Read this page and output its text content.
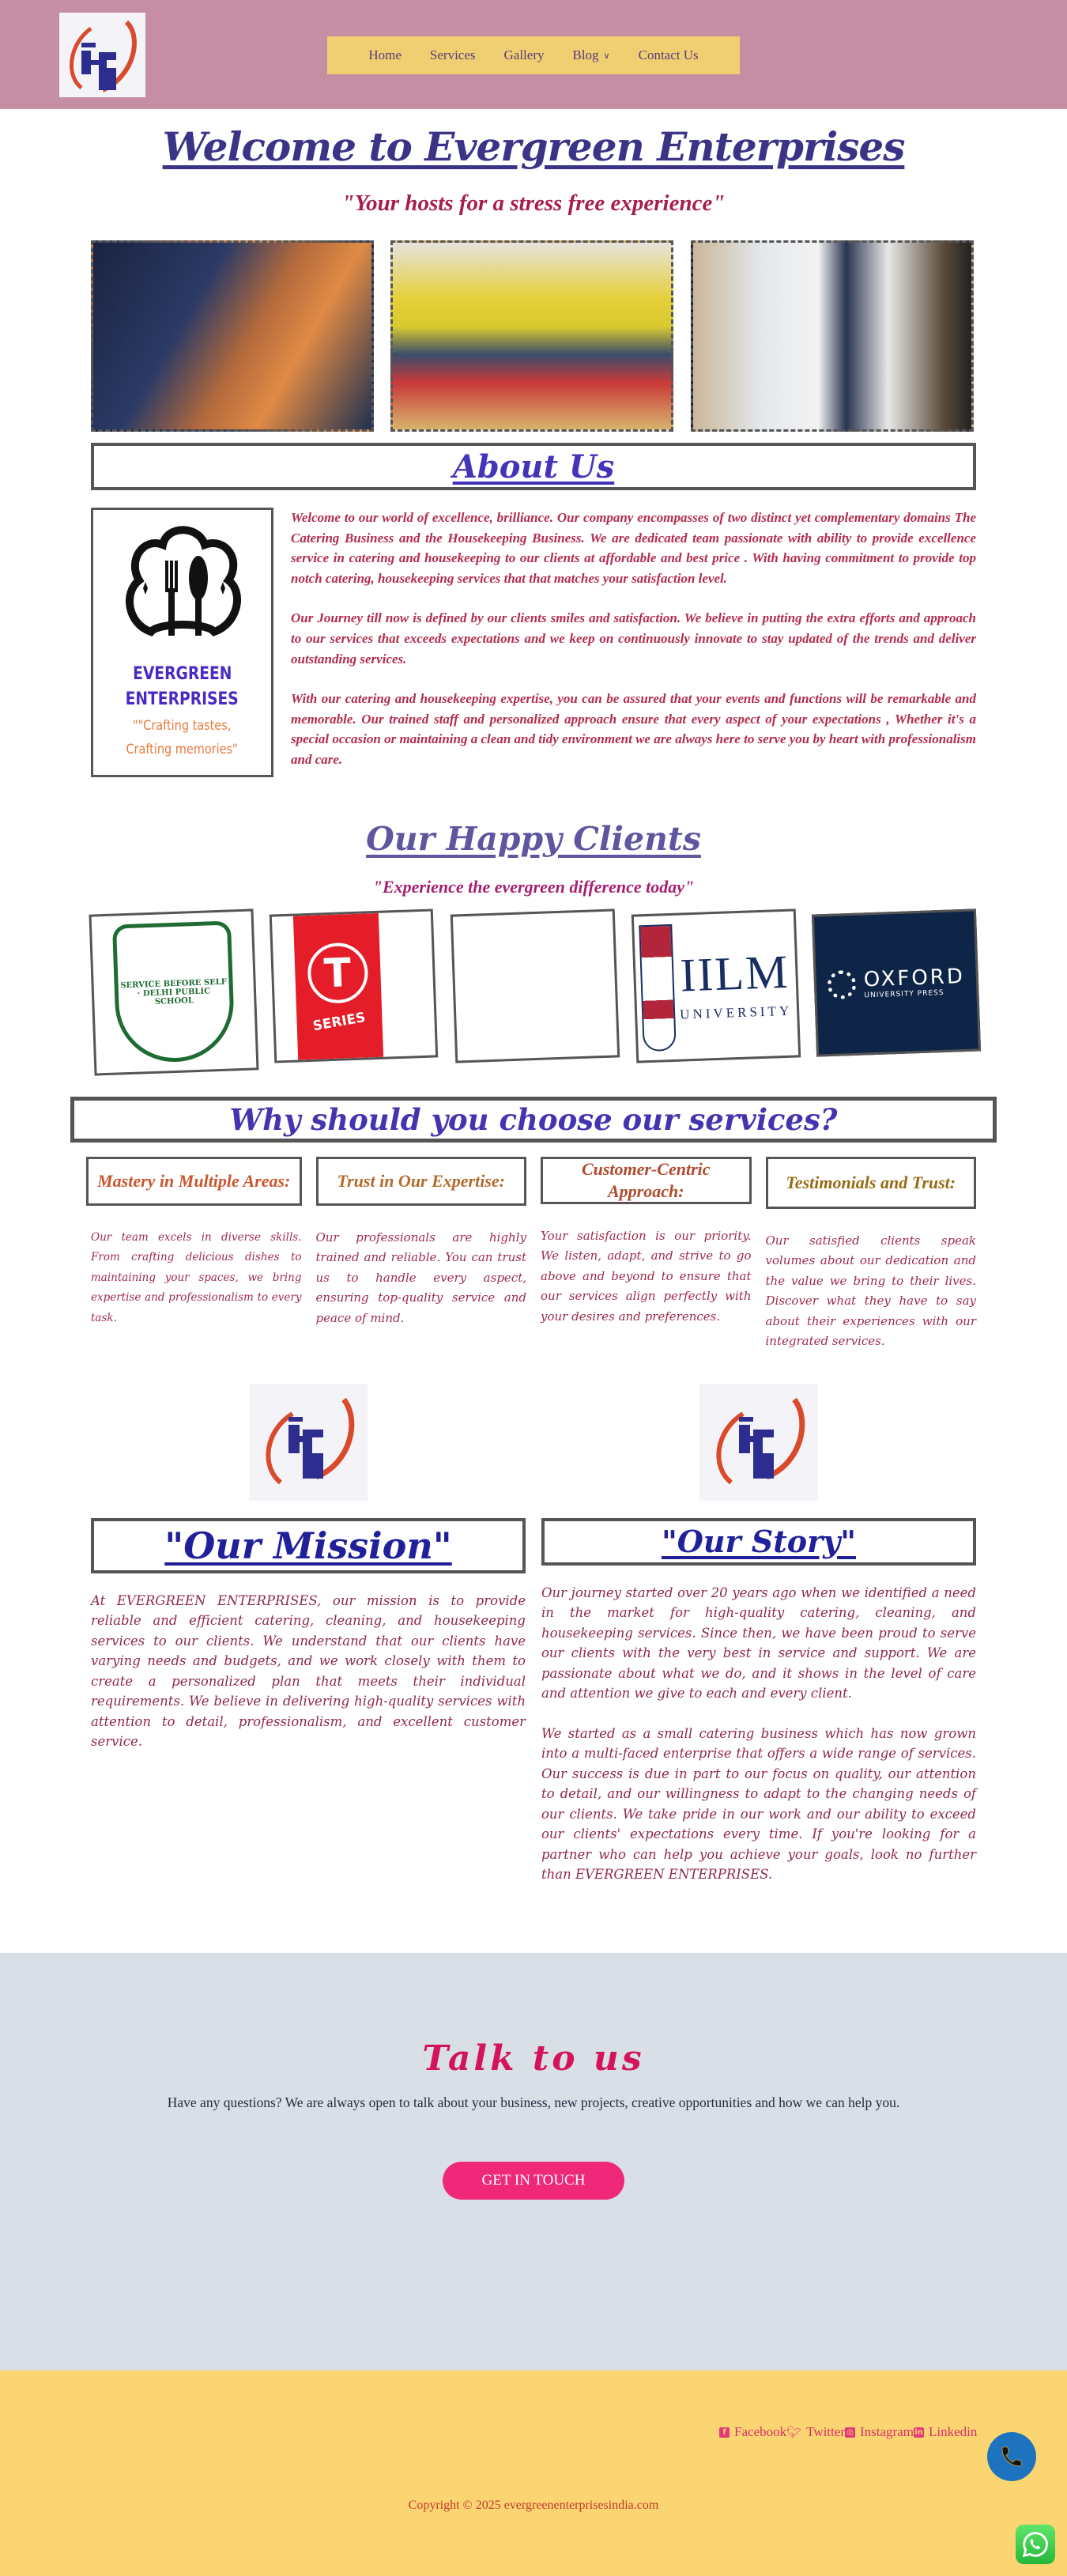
Home Services Gallery Blog ∨ Contact Us
Welcome to Evergreen Enterprises
"Your hosts for a stress free experience"
About Us
EVERGREEN
ENTERPRISES
""Crafting tastes,
Crafting memories"

Welcome to our world of excellence, brilliance. Our company encompasses of two distinct yet complementary domains The Catering Business and the Housekeeping Business. We are dedicated team passionate with ability to provide excellence service in catering and housekeeping to our clients at affordable and best price . With having commitment to provide top notch catering, housekeeping services that that matches your satisfaction level.

Our Journey till now is defined by our clients smiles and satisfaction. We believe in putting the extra efforts and approach to our services that exceeds expectations and we keep on continuously innovate to stay updated of the trends and deliver outstanding services.

With our catering and housekeeping expertise, you can be assured that your events and functions will be remarkable and memorable. Our trained staff and personalized approach ensure that every aspect of your expectations , Whether it's a special occasion or maintaining a clean and tidy environment we are always here to serve you by heart with professionalism and care.

Our Happy Clients
"Experience the evergreen difference today"
SERVICE BEFORE SELF · DELHI PUBLIC SCHOOL
T
SERIES
IILM
UNIVERSITY
OXFORD
UNIVERSITY PRESS
Why should you choose our services?
Mastery in Multiple Areas:
Our team excels in diverse skills. From crafting delicious dishes to maintaining your spaces, we bring expertise and professionalism to every task.
Trust in Our Expertise:
Our professionals are highly trained and reliable. You can trust us to handle every aspect, ensuring top-quality service and peace of mind.
Customer-Centric Approach:
Your satisfaction is our priority. We listen, adapt, and strive to go above and beyond to ensure that our services align perfectly with your desires and preferences.
Testimonials and Trust:
Our satisfied clients speak volumes about our dedication and the value we bring to their lives. Discover what they have to say about their experiences with our integrated services.
"Our Mission"

At EVERGREEN ENTERPRISES, our mission is to provide reliable and efficient catering, cleaning, and housekeeping services to our clients. We understand that our clients have varying needs and budgets, and we work closely with them to create a personalized plan that meets their individual requirements. We believe in delivering high-quality services with attention to detail, professionalism, and excellent customer service.

"Our Story"

Our journey started over 20 years ago when we identified a need in the market for high-quality catering, cleaning, and housekeeping services. Since then, we have been proud to serve our clients with the very best in service and support. We are passionate about what we do, and it shows in the level of care and attention we give to each and every client.

We started as a small catering business which has now grown into a multi-faced enterprise that offers a wide range of services. Our success is due in part to our focus on quality, our attention to detail, and our willingness to adapt to the changing needs of our clients. We take pride in our work and our ability to exceed our clients' expectations every time. If you're looking for a partner who can help you achieve your goals, look no further than EVERGREEN ENTERPRISES.

Talk to us

Have any questions? We are always open to talk about your business, new projects, creative opportunities and how we can help you.

GET IN TOUCH
f Facebook 🐦︎ Twitter ◎ Instagram in Linkedin
Copyright © 2025 evergreenenterprisesindia.com
